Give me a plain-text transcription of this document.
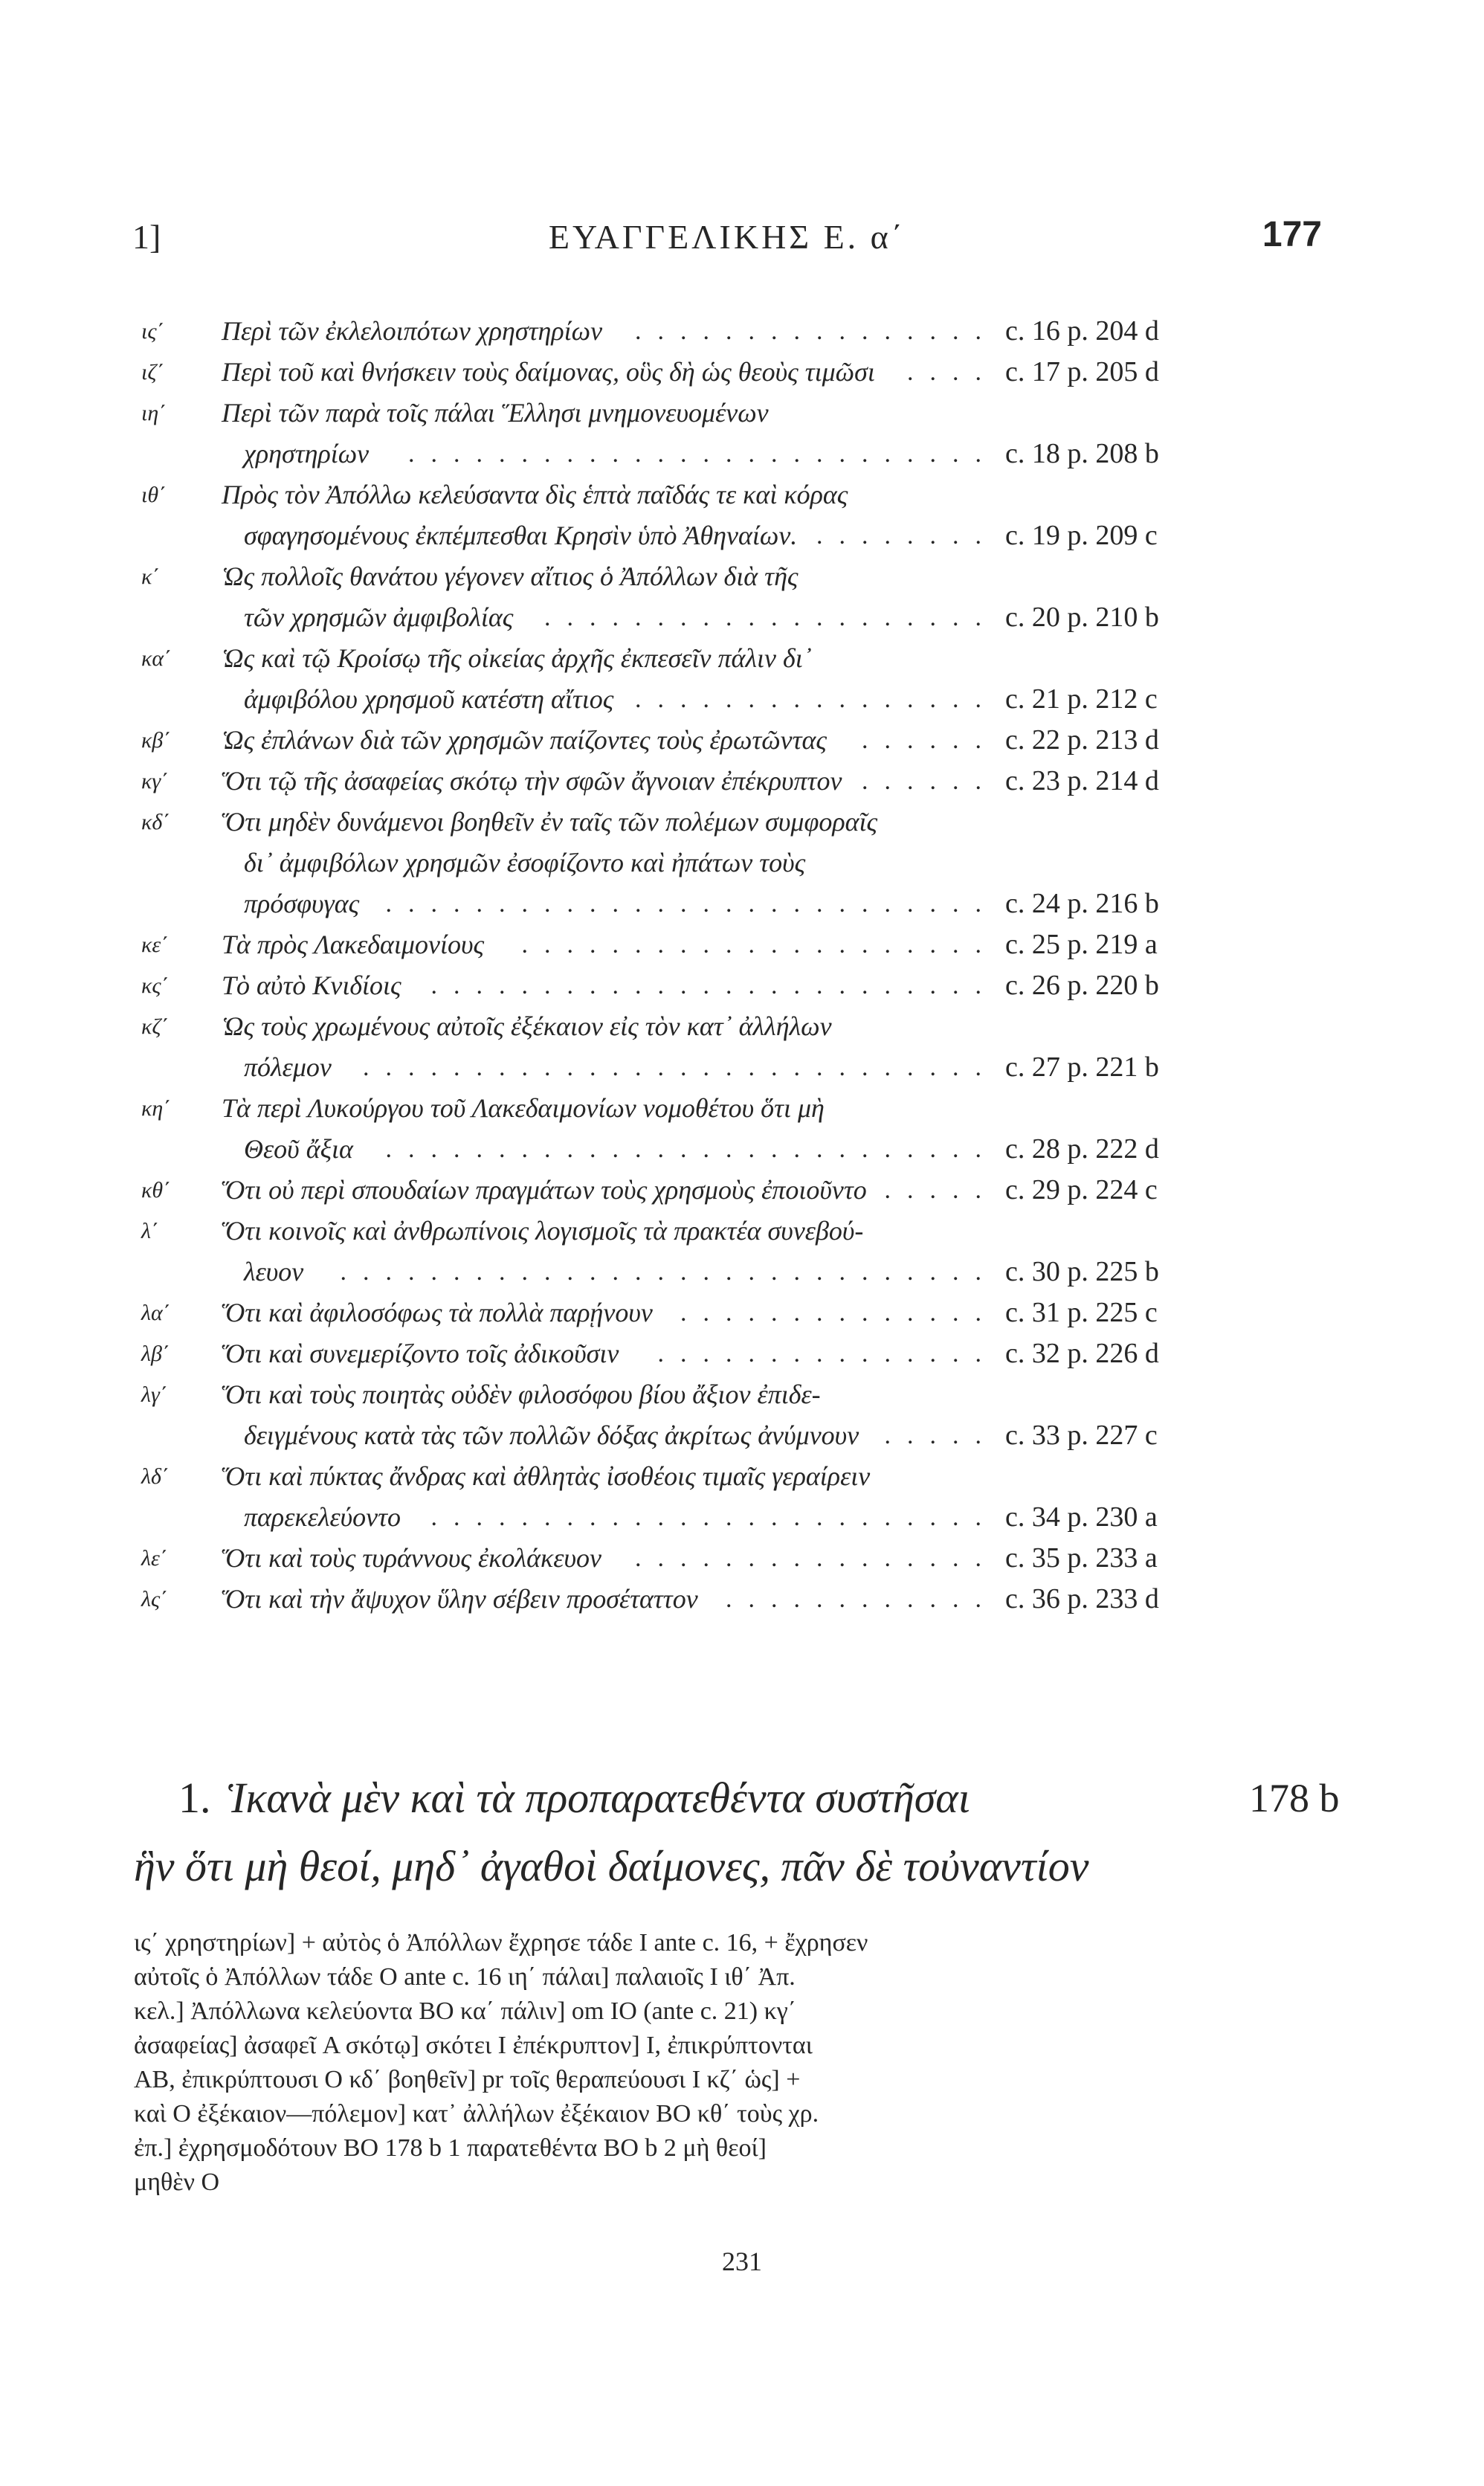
1]	ΕΥΑΓΓΕΛΙΚΗΣ Ε. α΄	177
ις΄ Περὶ τῶν ἐκλελοιπότων χρηστηρίων ................ c. 16 p. 204 d
ιζ΄ Περὶ τοῦ καὶ θνήσκειν τοὺς δαίμονας, οὓς δὴ ὡς θεοὺς τιμῶσι .... c. 17 p. 205 d
ιη΄ Περὶ τῶν παρὰ τοῖς πάλαι Ἕλλησι μνημονευομένων
χρηστηρίων .......................... c. 18 p. 208 b
ιθ΄ Πρὸς τὸν Ἀπόλλω κελεύσαντα δὶς ἑπτὰ παῖδάς τε καὶ κόρας
σφαγησομένους ἐκπέμπεσθαι Κρησὶν ὑπὸ Ἀθηναίων. ........ c. 19 p. 209 c
κ΄ Ὡς πολλοῖς θανάτου γέγονεν αἴτιος ὁ Ἀπόλλων διὰ τῆς
τῶν χρησμῶν ἀμφιβολίας .................... c. 20 p. 210 b
κα΄ Ὡς καὶ τῷ Κροίσῳ τῆς οἰκείας ἀρχῆς ἐκπεσεῖν πάλιν δι᾽
ἀμφιβόλου χρησμοῦ κατέστη αἴτιος ................ c. 21 p. 212 c
κβ΄ Ὡς ἐπλάνων διὰ τῶν χρησμῶν παίζοντες τοὺς ἐρωτῶντας ...... c. 22 p. 213 d
κγ΄ Ὅτι τῷ τῆς ἀσαφείας σκότῳ τὴν σφῶν ἄγνοιαν ἐπέκρυπτον ...... c. 23 p. 214 d
κδ΄ Ὅτι μηδὲν δυνάμενοι βοηθεῖν ἐν ταῖς τῶν πολέμων συμφοραῖς
δι᾽ ἀμφιβόλων χρησμῶν ἐσοφίζοντο καὶ ἠπάτων τοὺς
πρόσφυγας ........................... c. 24 p. 216 b
κε΄ Τὰ πρὸς Λακεδαιμονίους ..................... c. 25 p. 219 a
κς΄ Τὸ αὐτὸ Κνιδίοις ......................... c. 26 p. 220 b
κζ΄ Ὡς τοὺς χρωμένους αὐτοῖς ἐξέκαιον εἰς τὸν κατ᾽ ἀλλήλων
πόλεμον ............................ c. 27 p. 221 b
κη΄ Τὰ περὶ Λυκούργου τοῦ Λακεδαιμονίων νομοθέτου ὅτι μὴ
Θεοῦ ἄξια ........................... c. 28 p. 222 d
κθ΄ Ὅτι οὐ περὶ σπουδαίων πραγμάτων τοὺς χρησμοὺς ἐποιοῦντο ..... c. 29 p. 224 c
λ΄ Ὅτι κοινοῖς καὶ ἀνθρωπίνοις λογισμοῖς τὰ πρακτέα συνεβού-
λευον ............................. c. 30 p. 225 b
λα΄ Ὅτι καὶ ἀφιλοσόφως τὰ πολλὰ παρῄνουν .............. c. 31 p. 225 c
λβ΄ Ὅτι καὶ συνεμερίζοντο τοῖς ἀδικοῦσιν ............... c. 32 p. 226 d
λγ΄ Ὅτι καὶ τοὺς ποιητὰς οὐδὲν φιλοσόφου βίου ἄξιον ἐπιδε-
δειγμένους κατὰ τὰς τῶν πολλῶν δόξας ἀκρίτως ἀνύμνουν ..... c. 33 p. 227 c
λδ΄ Ὅτι καὶ πύκτας ἄνδρας καὶ ἀθλητὰς ἰσοθέοις τιμαῖς γεραίρειν
παρεκελεύοντο ......................... c. 34 p. 230 a
λε΄ Ὅτι καὶ τοὺς τυράννους ἐκολάκευον ................ c. 35 p. 233 a
λς΄ Ὅτι καὶ τὴν ἄψυχον ὕλην σέβειν προσέταττον ............ c. 36 p. 233 d
1. Ἱκανὰ μὲν καὶ τὰ προπαρατεθέντα συστῆσαι	178 b
ἣν ὅτι μὴ θεοί, μηδ᾽ ἀγαθοὶ δαίμονες, πᾶν δὲ τοὐναντίον
ις΄ χρηστηρίων] + αὐτὸς ὁ Ἀπόλλων ἔχρησε τάδε I ante c. 16, + ἔχρησεν
αὐτοῖς ὁ Ἀπόλλων τάδε O ante c. 16 ιη΄ πάλαι] παλαιοῖς I ιθ΄ Ἀπ.
κελ.] Ἀπόλλωνα κελεύοντα BO κα΄ πάλιν] om IO (ante c. 21) κγ΄
ἀσαφείας] ἀσαφεῖ A σκότῳ] σκότει I ἐπέκρυπτον] I, ἐπικρύπτονται
AB, ἐπικρύπτουσι O κδ΄ βοηθεῖν] pr τοῖς θεραπεύουσι I κζ΄ ὡς] +
καὶ O ἐξέκαιον—πόλεμον] κατ᾽ ἀλλήλων ἐξέκαιον BO κθ΄ τοὺς χρ.
ἐπ.] ἐχρησμοδότουν BO 178 b 1 παρατεθέντα BO b 2 μὴ θεοί]
μηθὲν O
231
